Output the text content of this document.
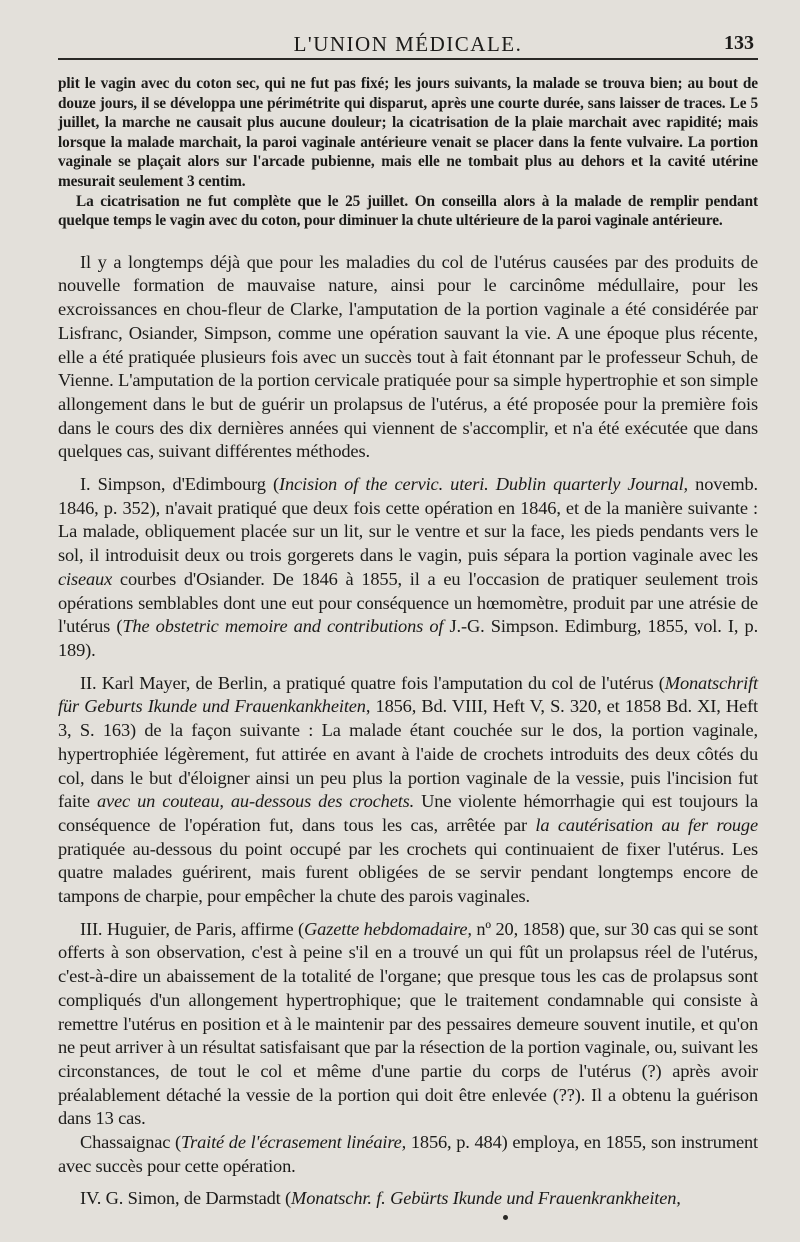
L'UNION MÉDICALE.	133

plit le vagin avec du coton sec, qui ne fut pas fixé; les jours suivants, la malade se trouva bien; au bout de douze jours, il se développa une périmétrite qui disparut, après une courte durée, sans laisser de traces. Le 5 juillet, la marche ne causait plus aucune douleur; la cicatrisation de la plaie marchait avec rapidité; mais lorsque la malade marchait, la paroi vaginale antérieure venait se placer dans la fente vulvaire. La portion vaginale se plaçait alors sur l'arcade pubienne, mais elle ne tombait plus au dehors et la cavité utérine mesurait seulement 3 centim.

La cicatrisation ne fut complète que le 25 juillet. On conseilla alors à la malade de remplir pendant quelque temps le vagin avec du coton, pour diminuer la chute ultérieure de la paroi vaginale antérieure.

Il y a longtemps déjà que pour les maladies du col de l'utérus causées par des produits de nouvelle formation de mauvaise nature, ainsi pour le carcinôme médullaire, pour les excroissances en chou-fleur de Clarke, l'amputation de la portion vaginale a été considérée par Lisfranc, Osiander, Simpson, comme une opération sauvant la vie. A une époque plus récente, elle a été pratiquée plusieurs fois avec un succès tout à fait étonnant par le professeur Schuh, de Vienne. L'amputation de la portion cervicale pratiquée pour sa simple hypertrophie et son simple allongement dans le but de guérir un prolapsus de l'utérus, a été proposée pour la première fois dans le cours des dix dernières années qui viennent de s'accomplir, et n'a été exécutée que dans quelques cas, suivant différentes méthodes.

I. Simpson, d'Edimbourg (Incision of the cervic. uteri. Dublin quarterly Journal, novemb. 1846, p. 352), n'avait pratiqué que deux fois cette opération en 1846, et de la manière suivante : La malade, obliquement placée sur un lit, sur le ventre et sur la face, les pieds pendants vers le sol, il introduisit deux ou trois gorgerets dans le vagin, puis sépara la portion vaginale avec les ciseaux courbes d'Osiander. De 1846 à 1855, il a eu l'occasion de pratiquer seulement trois opérations semblables dont une eut pour conséquence un hœmomètre, produit par une atrésie de l'utérus (The obstetric memoire and contributions of J.-G. Simpson. Edimburg, 1855, vol. I, p. 189).

II. Karl Mayer, de Berlin, a pratiqué quatre fois l'amputation du col de l'utérus (Monatschrift für Geburts Ikunde und Frauenkankheiten, 1856, Bd. VIII, Heft V, S. 320, et 1858 Bd. XI, Heft 3, S. 163) de la façon suivante : La malade étant couchée sur le dos, la portion vaginale, hypertrophiée légèrement, fut attirée en avant à l'aide de crochets introduits des deux côtés du col, dans le but d'éloigner ainsi un peu plus la portion vaginale de la vessie, puis l'incision fut faite avec un couteau, au-dessous des crochets. Une violente hémorrhagie qui est toujours la conséquence de l'opération fut, dans tous les cas, arrêtée par la cautérisation au fer rouge pratiquée au-dessous du point occupé par les crochets qui continuaient de fixer l'utérus. Les quatre malades guérirent, mais furent obligées de se servir pendant longtemps encore de tampons de charpie, pour empêcher la chute des parois vaginales.

III. Huguier, de Paris, affirme (Gazette hebdomadaire, nº 20, 1858) que, sur 30 cas qui se sont offerts à son observation, c'est à peine s'il en a trouvé un qui fût un prolapsus réel de l'utérus, c'est-à-dire un abaissement de la totalité de l'organe; que presque tous les cas de prolapsus sont compliqués d'un allongement hypertrophique; que le traitement condamnable qui consiste à remettre l'utérus en position et à le maintenir par des pessaires demeure souvent inutile, et qu'on ne peut arriver à un résultat satisfaisant que par la résection de la portion vaginale, ou, suivant les circonstances, de tout le col et même d'une partie du corps de l'utérus (?) après avoir préalablement détaché la vessie de la portion qui doit être enlevée (??). Il a obtenu la guérison dans 13 cas.

Chassaignac (Traité de l'écrasement linéaire, 1856, p. 484) employa, en 1855, son instrument avec succès pour cette opération.

IV. G. Simon, de Darmstadt (Monatschr. f. Gebürts Ikunde und Frauenkrankheiten,
